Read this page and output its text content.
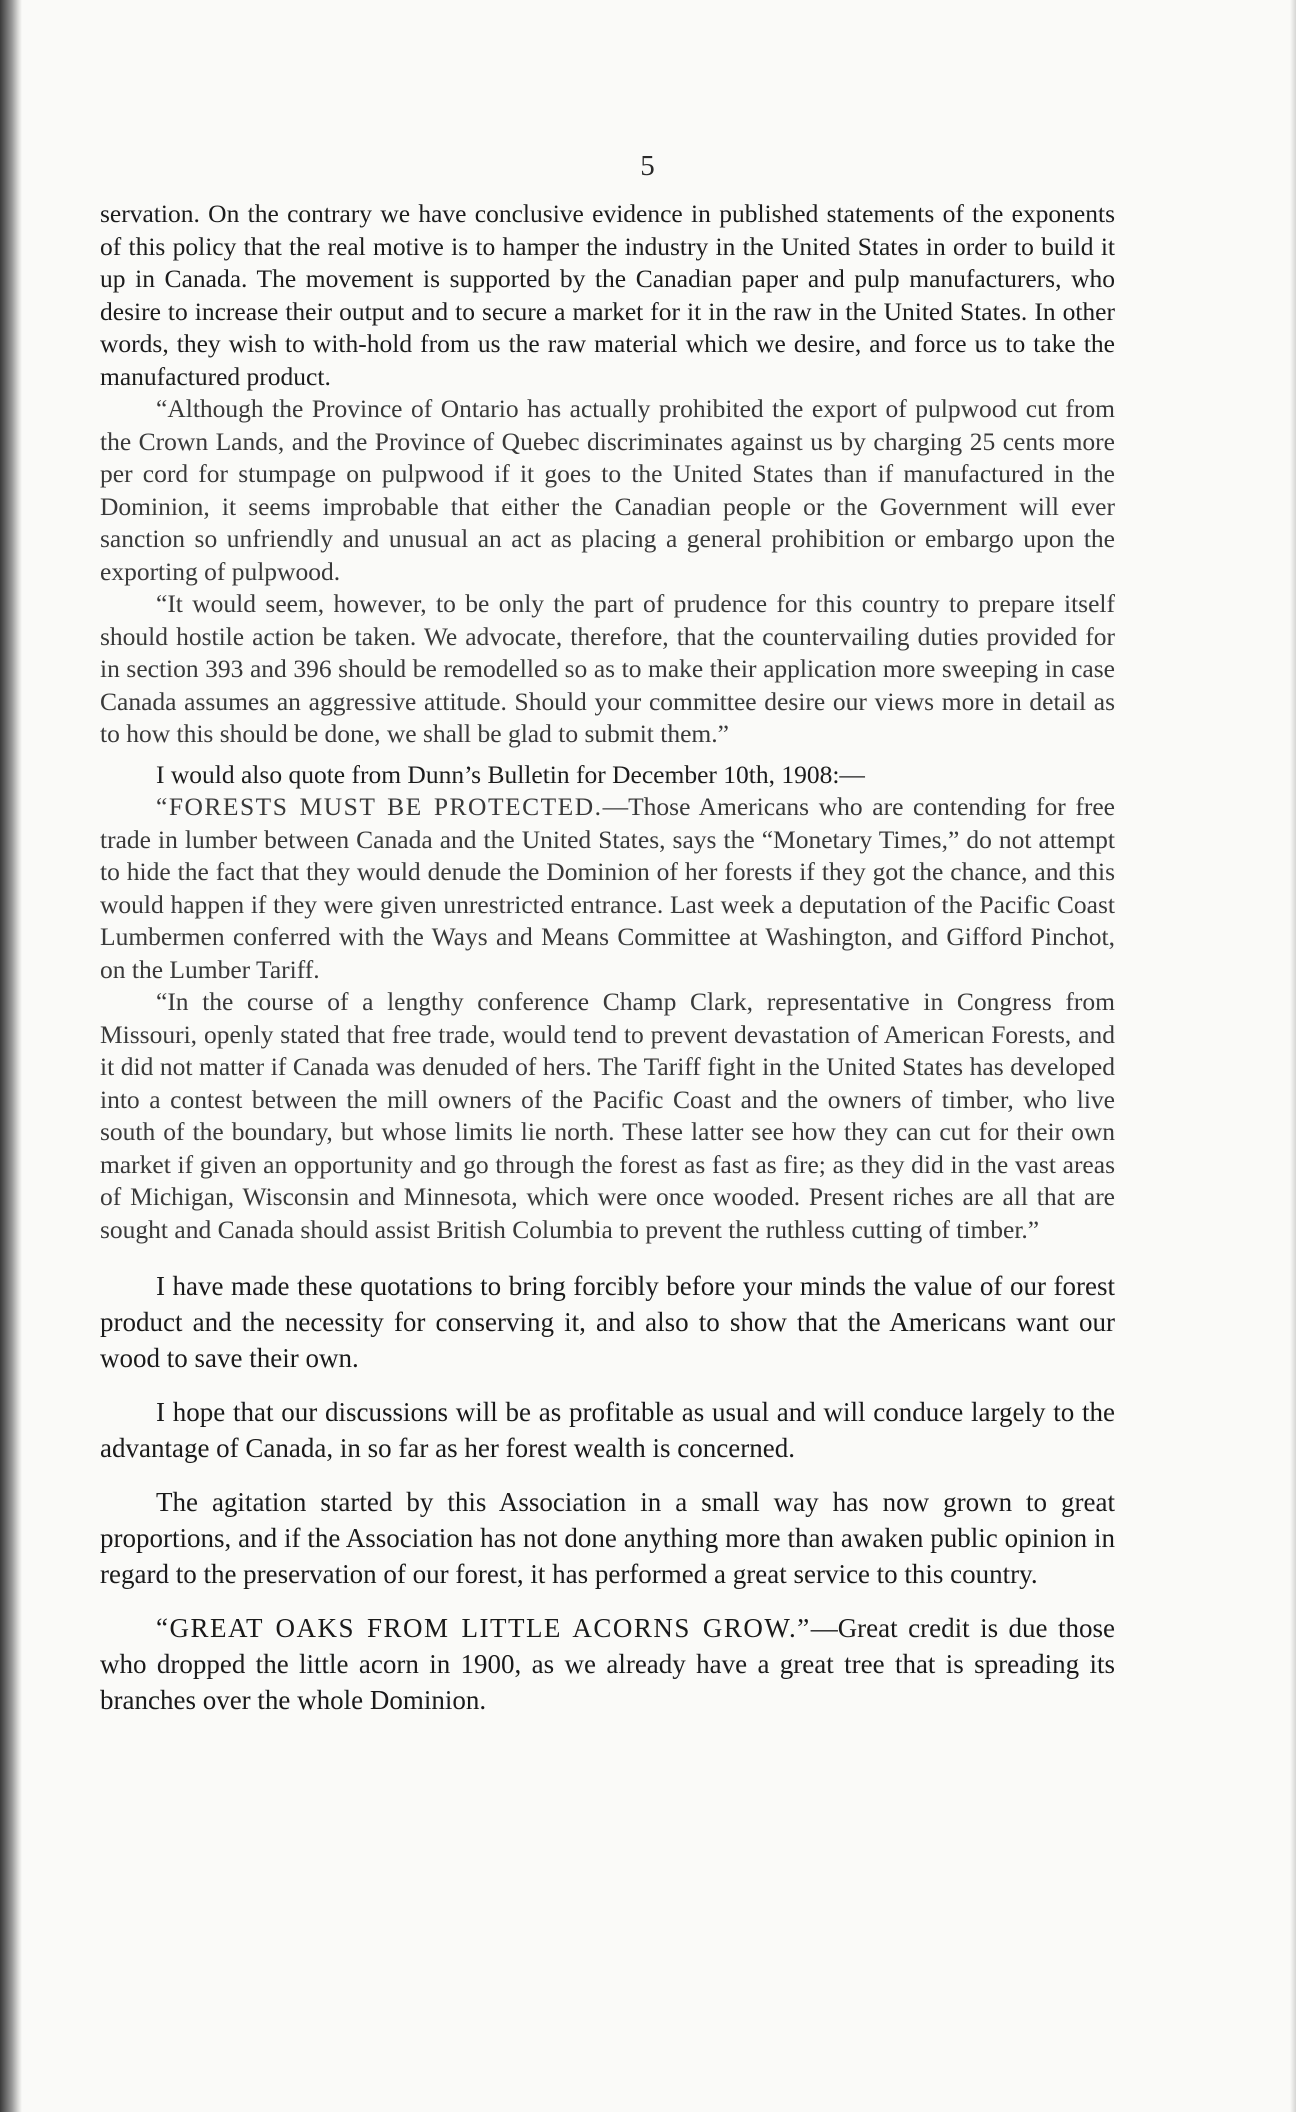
5

servation. On the contrary we have conclusive evidence in published statements of the exponents of this policy that the real motive is to hamper the industry in the United States in order to build it up in Canada. The movement is supported by the Canadian paper and pulp manufacturers, who desire to increase their output and to secure a market for it in the raw in the United States. In other words, they wish to with-hold from us the raw material which we desire, and force us to take the manufactured product.

“Although the Province of Ontario has actually prohibited the export of pulpwood cut from the Crown Lands, and the Province of Quebec discriminates against us by charging 25 cents more per cord for stumpage on pulpwood if it goes to the United States than if manufactured in the Dominion, it seems improbable that either the Canadian people or the Government will ever sanction so unfriendly and unusual an act as placing a general prohibition or embargo upon the exporting of pulpwood.

“It would seem, however, to be only the part of prudence for this country to prepare itself should hostile action be taken. We advocate, therefore, that the countervailing duties provided for in section 393 and 396 should be remodelled so as to make their application more sweeping in case Canada assumes an aggressive attitude. Should your committee desire our views more in detail as to how this should be done, we shall be glad to submit them.”

I would also quote from Dunn’s Bulletin for December 10th, 1908:—

“FORESTS MUST BE PROTECTED.—Those Americans who are contending for free trade in lumber between Canada and the United States, says the “Monetary Times,” do not attempt to hide the fact that they would denude the Dominion of her forests if they got the chance, and this would happen if they were given unrestricted entrance. Last week a deputation of the Pacific Coast Lumbermen conferred with the Ways and Means Committee at Washington, and Gifford Pinchot, on the Lumber Tariff.

“In the course of a lengthy conference Champ Clark, representative in Congress from Missouri, openly stated that free trade, would tend to prevent devastation of American Forests, and it did not matter if Canada was denuded of hers. The Tariff fight in the United States has developed into a contest between the mill owners of the Pacific Coast and the owners of timber, who live south of the boundary, but whose limits lie north. These latter see how they can cut for their own market if given an opportunity and go through the forest as fast as fire; as they did in the vast areas of Michigan, Wisconsin and Minnesota, which were once wooded. Present riches are all that are sought and Canada should assist British Columbia to prevent the ruthless cutting of timber.”

I have made these quotations to bring forcibly before your minds the value of our forest product and the necessity for conserving it, and also to show that the Americans want our wood to save their own.

I hope that our discussions will be as profitable as usual and will conduce largely to the advantage of Canada, in so far as her forest wealth is concerned.

The agitation started by this Association in a small way has now grown to great proportions, and if the Association has not done anything more than awaken public opinion in regard to the preservation of our forest, it has performed a great service to this country.

“GREAT OAKS FROM LITTLE ACORNS GROW.”—Great credit is due those who dropped the little acorn in 1900, as we already have a great tree that is spreading its branches over the whole Dominion.
